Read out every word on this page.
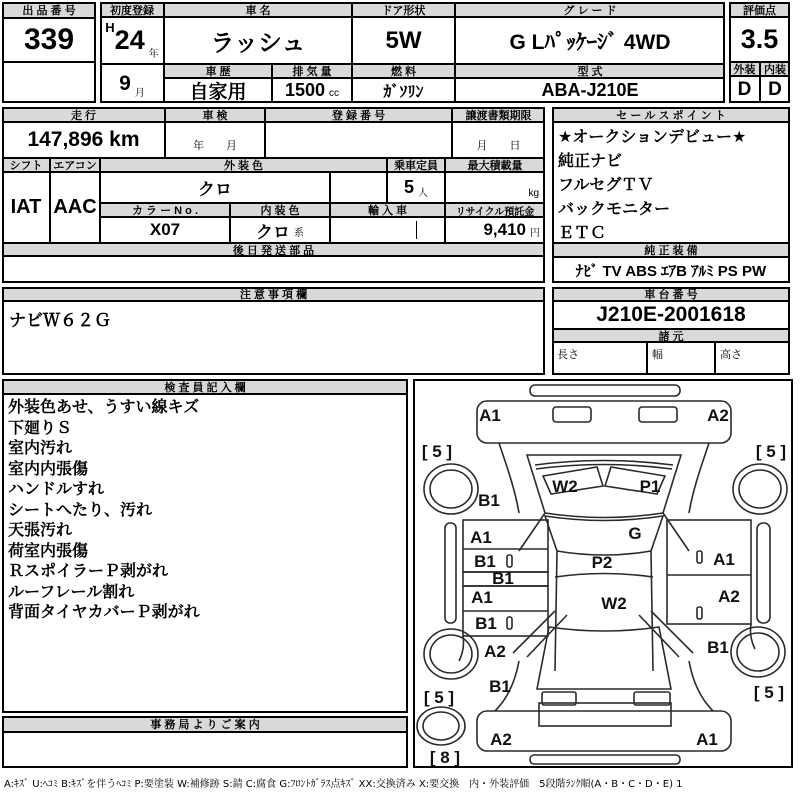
出 品 番 号
339
初度登録
H 24 年
9 月
車 名
ラッシュ
ドア形状
5W
グ レ ー ド
G Lﾊﾟｯｹｰｼﾞ 4WD
車 歴
自家用
排 気 量
1500 cc
燃 料
ｶﾞｿﾘﾝ
型 式
ABA-J210E
評価点
3.5
外装 内装
D D
走 行
147,896 km
車 検
年　　月
登 録 番 号	譲渡書類期限
月　　日
シフト
IAT
エアコン
AAC
外 装 色
クロ
乗車定員
5 人
最大積載量
kg
カ ラ ー N o .
X07
内 装 色
クロ 系
輸 入 車	リサイクル預託金
9,410 円
後 日 発 送 部 品
セ ー ル ス ポ イ ン ト
★オークションデビュー★
純正ナビ
フルセグＴＶ
バックモニター
ＥＴＣ
純 正 装 備
ﾅﾋﾞ TV ABS ｴｱB ｱﾙﾐ PS PW
注 意 事 項 欄
ナビＷ６２Ｇ
車 台 番 号
J210E-2001618
諸 元
長さ	幅	高さ
検 査 員 記 入 欄
外装色あせ、うすい線キズ
下廻りＳ
室内汚れ
室内内張傷
ハンドルすれ
シートへたり、汚れ
天張汚れ
荷室内張傷
ＲスポイラーＰ剥がれ
ルーフレール割れ
背面タイヤカバーＰ剥がれ
事 務 局 よ り ご 案 内
A1	A2
[ 5 ]	[ 5 ]
B1
W2	P1
G
P2
W2
A1
B1
B1
A1
B1
A2
B1
[ 5 ]
[ 8 ]
A1
A2
B1
[ 5 ]
A2	A1
A:ｷｽﾞ U:ﾍｺﾐ B:ｷｽﾞを伴うﾍｺﾐ P:要塗装 W:補修跡 S:錆 C:腐食 G:ﾌﾛﾝﾄｶﾞﾗｽ点ｷｽﾞ XX:交換済み X:要交換　内・外装評価　5段階ﾗﾝｸ順(A・B・C・D・E) 1
